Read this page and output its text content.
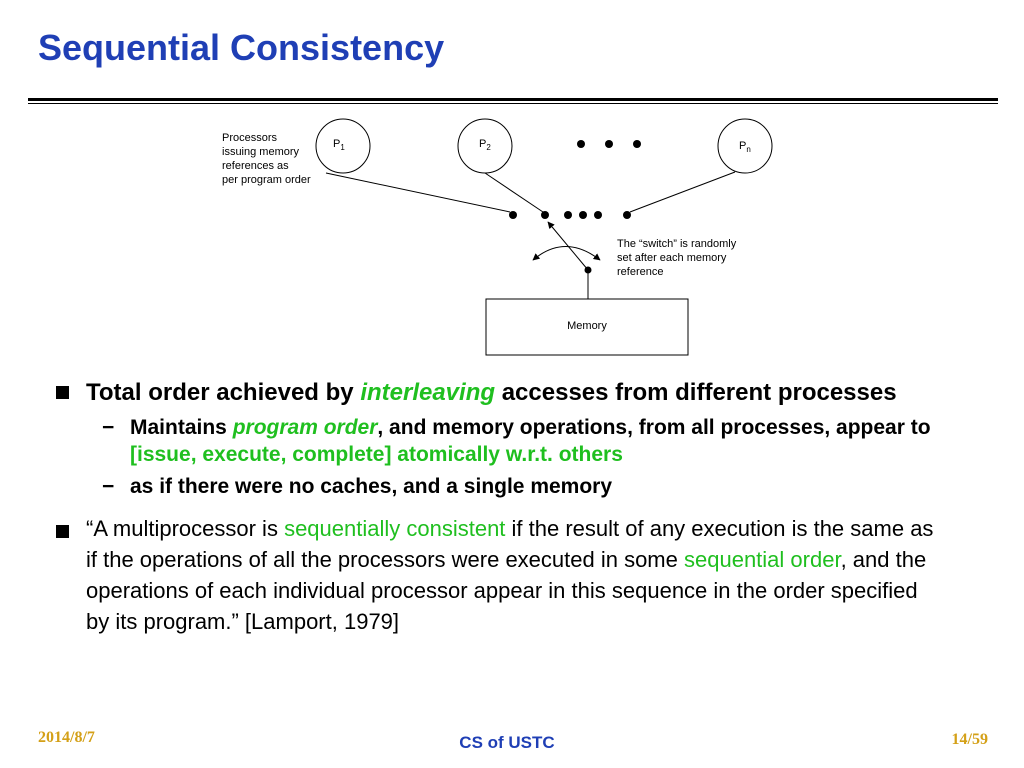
Sequential Consistency
Processors issuing memory references as per program order
$P_1$	$P_2$	$P_n$
The “switch” is randomly set after each memory reference
Memory
Total order achieved by interleaving accesses from different processes
− Maintains program order, and memory operations, from all processes, appear to [issue, execute, complete] atomically w.r.t. others
− as if there were no caches, and a single memory
“A multiprocessor is sequentially consistent if the result of any execution is the same as if the operations of all the processors were executed in some sequential order, and the operations of each individual processor appear in this sequence in the order specified by its program.” [Lamport, 1979]
2014/8/7	CS of USTC	14/59
